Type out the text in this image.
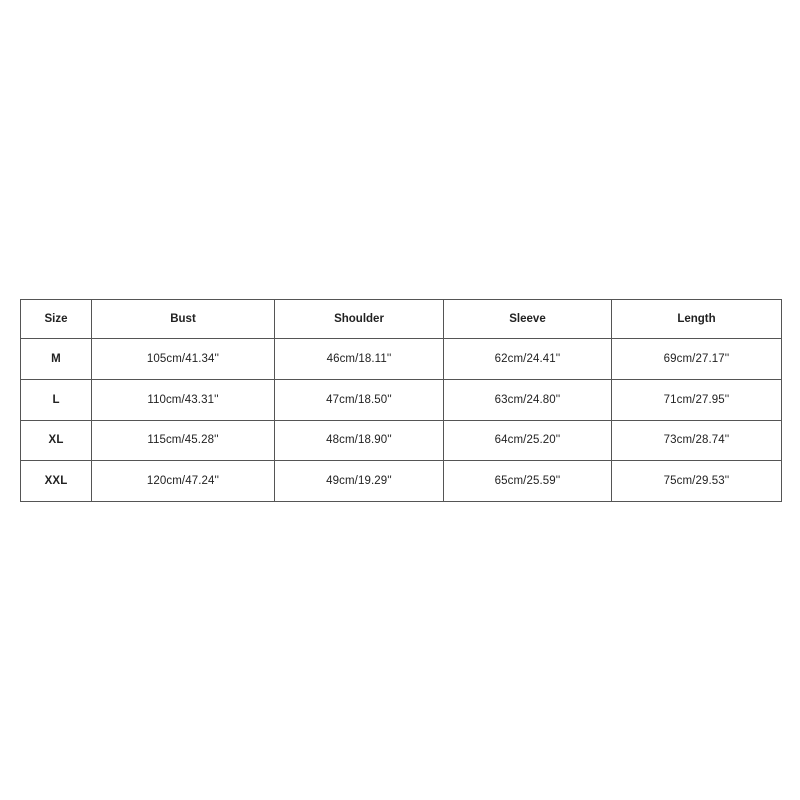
Size	Bust	Shoulder	Sleeve	Length
M	105cm/41.34''	46cm/18.11''	62cm/24.41''	69cm/27.17''
L	110cm/43.31''	47cm/18.50''	63cm/24.80''	71cm/27.95''
XL	115cm/45.28''	48cm/18.90''	64cm/25.20''	73cm/28.74''
XXL	120cm/47.24''	49cm/19.29''	65cm/25.59''	75cm/29.53''
